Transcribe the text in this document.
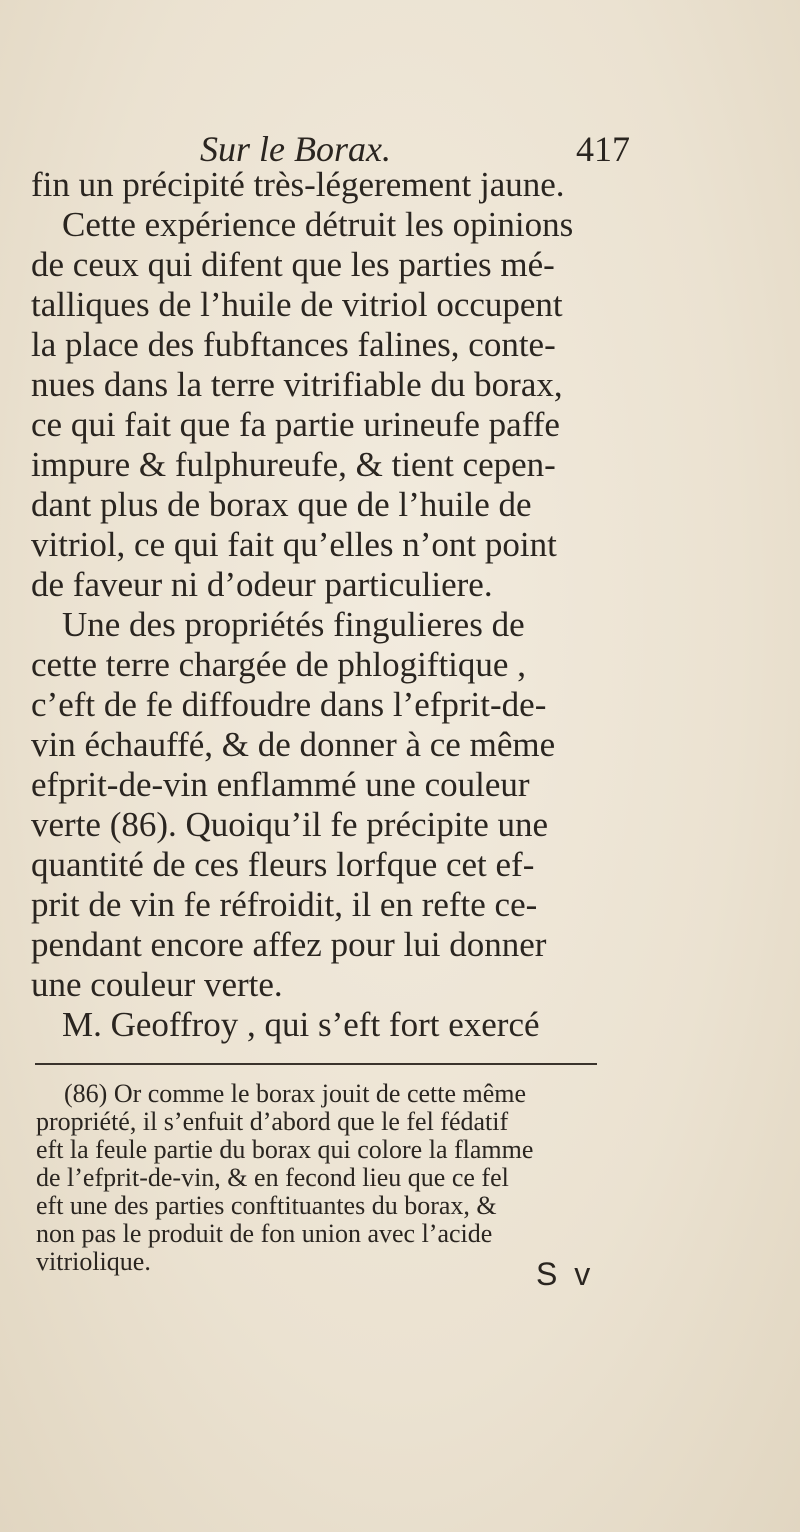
Sur le Borax.	417
fin un précipité très-légerement jaune.
Cette expérience détruit les opinions
de ceux qui difent que les parties mé-
talliques de l’huile de vitriol occupent
la place des fubftances falines, conte-
nues dans la terre vitrifiable du borax,
ce qui fait que fa partie urineufe paffe
impure & fulphureufe, & tient cepen-
dant plus de borax que de l’huile de
vitriol, ce qui fait qu’elles n’ont point
de faveur ni d’odeur particuliere.
Une des propriétés fingulieres de
cette terre chargée de phlogiftique ,
c’eft de fe diffoudre dans l’efprit-de-
vin échauffé, & de donner à ce même
efprit-de-vin enflammé une couleur
verte (86). Quoiqu’il fe précipite une
quantité de ces fleurs lorfque cet ef-
prit de vin fe réfroidit, il en refte ce-
pendant encore affez pour lui donner
une couleur verte.
M. Geoffroy , qui s’eft fort exercé
(86) Or comme le borax jouit de cette même
propriété, il s’enfuit d’abord que le fel fédatif
eft la feule partie du borax qui colore la flamme
de l’efprit-de-vin, & en fecond lieu que ce fel
eft une des parties conftituantes du borax, &
non pas le produit de fon union avec l’acide
vitriolique.	S v
